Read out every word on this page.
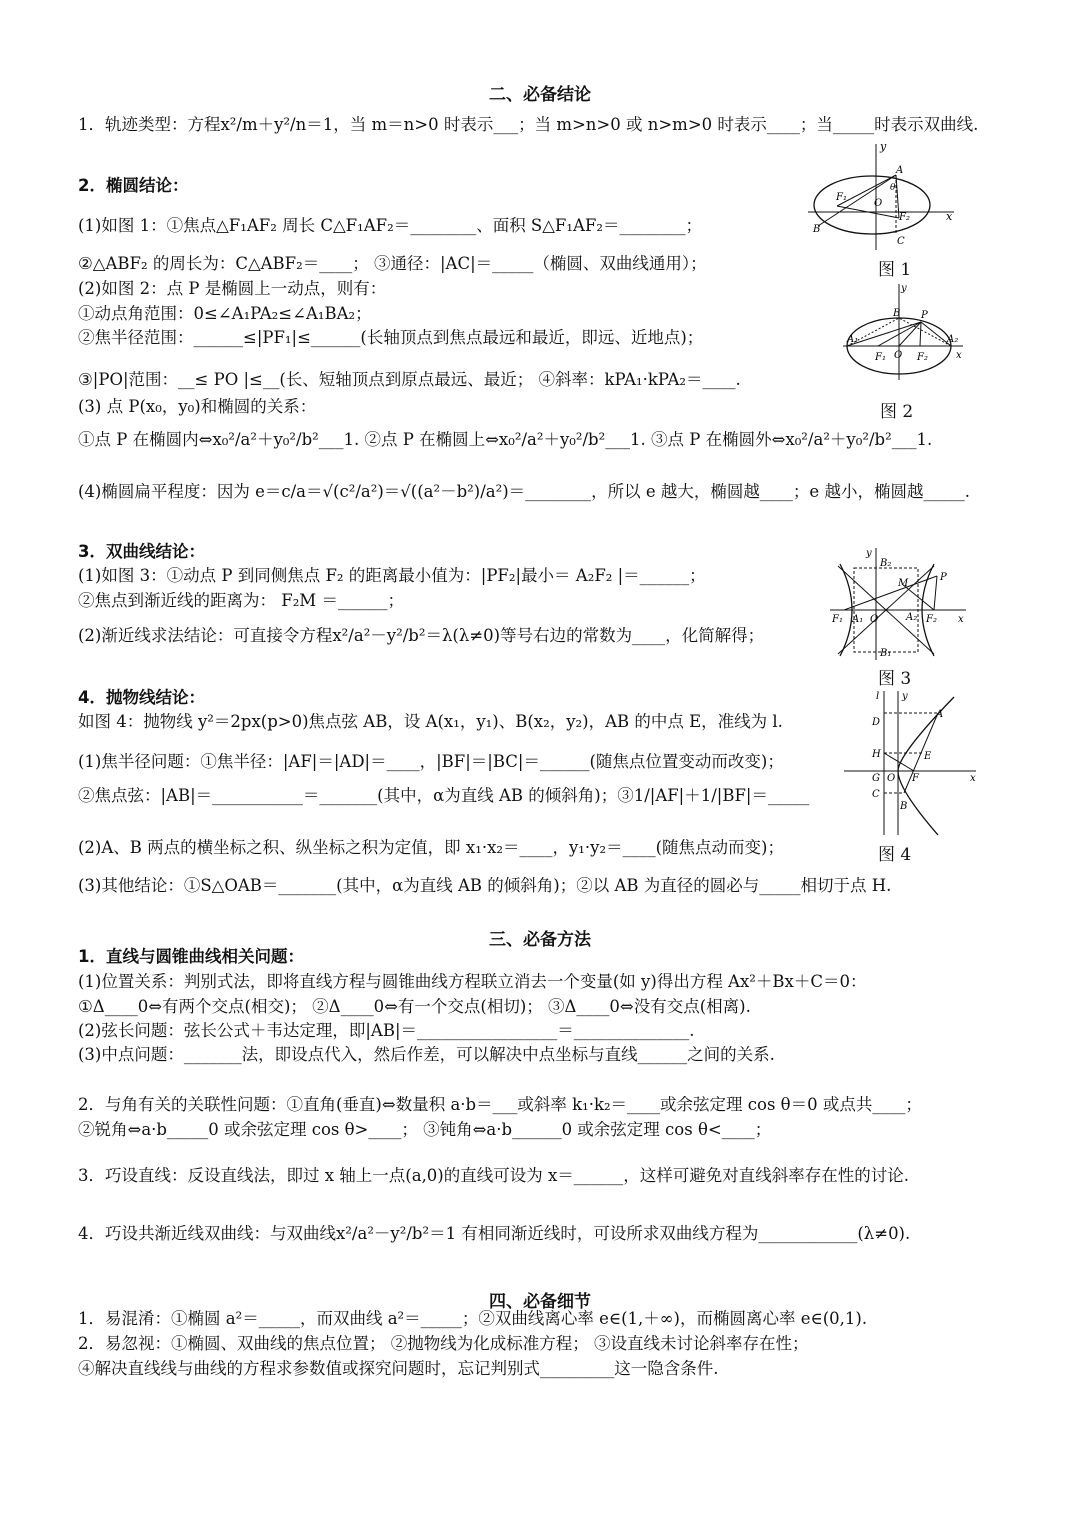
二、必备结论
三、必备方法
四、必备细节
1．轨迹类型：方程x²/m＋y²/n＝1，当 m＝n>0 时表示___；当 m>n>0 或 n>m>0 时表示____；当_____时表示双曲线.
2．椭圆结论：
(1)如图 1：①焦点△F₁AF₂ 周长 C△F₁AF₂＝________、面积 S△F₁AF₂＝________；
②△ABF₂ 的周长为：C△ABF₂＝____； ③通径：|AC|＝_____（椭圆、双曲线通用）；
(2)如图 2：点 P 是椭圆上一动点，则有：
①动点角范围：0≤∠A₁PA₂≤∠A₁BA₂；
②焦半径范围：______≤|PF₁|≤______(长轴顶点到焦点最远和最近，即远、近地点)；
③|PO|范围：__≤ PO |≤__(长、短轴顶点到原点最远、最近； ④斜率：kPA₁·kPA₂＝____.
(3) 点 P(x₀，y₀)和椭圆的关系：
①点 P 在椭圆内⇔x₀²/a²＋y₀²/b²___1. ②点 P 在椭圆上⇔x₀²/a²＋y₀²/b²___1. ③点 P 在椭圆外⇔x₀²/a²＋y₀²/b²___1.
(4)椭圆扁平程度：因为 e＝c/a＝√(c²/a²)＝√((a²－b²)/a²)＝________，所以 e 越大，椭圆越____；e 越小，椭圆越_____.
3．双曲线结论：
(1)如图 3：①动点 P 到同侧焦点 F₂ 的距离最小值为：|PF₂|最小＝ A₂F₂ |＝______；
②焦点到渐近线的距离为： F₂M ＝______；
(2)渐近线求法结论：可直接令方程x²/a²－y²/b²＝λ(λ≠0)等号右边的常数为____，化简解得；
4．抛物线结论：
如图 4：抛物线 y²＝2px(p>0)焦点弦 AB，设 A(x₁，y₁)、B(x₂，y₂)，AB 的中点 E，准线为 l.
(1)焦半径问题：①焦半径：|AF|＝|AD|＝____，|BF|＝|BC|＝______(随焦点位置变动而改变)；
②焦点弦：|AB|＝___________＝_______(其中，α为直线 AB 的倾斜角)；③1/|AF|＋1/|BF|＝_____
(2)A、B 两点的横坐标之积、纵坐标之积为定值，即 x₁·x₂＝____，y₁·y₂＝____(随焦点动而变)；
(3)其他结论：①S△OAB＝_______(其中，α为直线 AB 的倾斜角)；②以 AB 为直径的圆必与_____相切于点 H.
1．直线与圆锥曲线相关问题：
(1)位置关系：判别式法，即将直线方程与圆锥曲线方程联立消去一个变量(如 y)得出方程 Ax²＋Bx＋C＝0：
①Δ____0⇔有两个交点(相交)； ②Δ____0⇔有一个交点(相切)； ③Δ____0⇔没有交点(相离).
(2)弦长问题：弦长公式＋韦达定理，即|AB|＝_________________＝______________.
(3)中点问题：_______法，即设点代入，然后作差，可以解决中点坐标与直线______之间的关系.
2．与角有关的关联性问题：①直角(垂直)⇔数量积 a·b＝___或斜率 k₁·k₂＝____或余弦定理 cos θ＝0 或点共____；
②锐角⇔a·b_____0 或余弦定理 cos θ>____； ③钝角⇔a·b______0 或余弦定理 cos θ<____；
3．巧设直线：反设直线法，即过 x 轴上一点(a,0)的直线可设为 x＝______，这样可避免对直线斜率存在性的讨论.
4．巧设共渐近线双曲线：与双曲线x²/a²－y²/b²＝1 有相同渐近线时，可设所求双曲线方程为____________(λ≠0).
1．易混淆：①椭圆 a²＝_____，而双曲线 a²＝_____；②双曲线离心率 e∈(1,＋∞)，而椭圆离心率 e∈(0,1).
2．易忽视：①椭圆、双曲线的焦点位置； ②抛物线为化成标准方程； ③设直线未讨论斜率存在性；
④解决直线线与曲线的方程求参数值或探究问题时，忘记判别式_________这一隐含条件.
y
x
A
F₁
O
θ
F₂
B
C
图 1
y
x
B P
A₁	A₂
F₁ O F₂
图 2
y
x
B₂
M
P
F₁ A₁ O	A₂ F₂
B₁
图 3
l y
x
D
A
H	E
G O F
C
B
图 4
